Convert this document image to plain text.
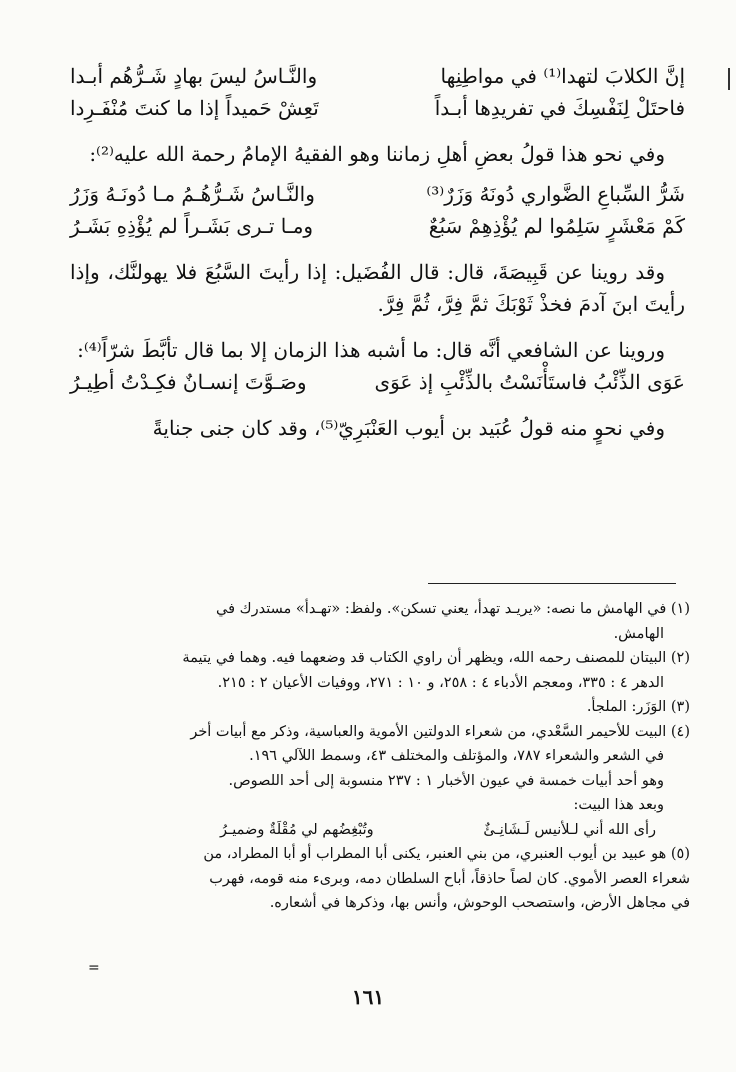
إنَّ الكلابَ لتهدا⁽¹⁾ في مواطِنِها
والنَّـاسُ ليسَ بهادٍ شَـرُّهُم أبـدا
فاحتَلْ لِنَفْسِكَ في تفريدِها أبـداً
تَعِشْ حَميداً إذا ما كنتَ مُنْفَـرِدا

وفي نحو هذا قولُ بعضِ أهلِ زماننا وهو الفقيهُ الإمامُ رحمة الله عليه⁽²⁾:

شَرُّ السِّباعِ الضَّواري دُونَهُ وَزَرٌ⁽³⁾
والنَّـاسُ شَـرُّهُـمُ مـا دُونَـهُ وَزَرُ
كَمْ مَعْشَرٍ سَلِمُوا لم يُؤْذِهِمْ سَبُعٌ
ومـا تـرى بَشَـراً لم يُؤْذِهِ بَشَـرُ

وقد روينا عن قَبِيصَةَ، قال: قال الفُضَيل: إذا رأيتَ السَّبُعَ فلا يهولنَّك، وإذا رأيتَ ابنَ آدمَ فخذْ ثَوْبَكَ ثمَّ فِرَّ، ثُمَّ فِرَّ.

وروينا عن الشافعي أنَّه قال: ما أشبه هذا الزمان إلا بما قال تأبَّطَ شرّاً⁽⁴⁾:

عَوَى الذِّئْبُ فاستَأْنَسْتُ بالذِّئْبِ إذ عَوَى
وصَـوَّتَ إنسـانٌ فكِـدْتُ أطِيـرُ

وفي نحوٍ منه قولُ عُبَيد بن أيوب العَنْبَرِيّ⁽⁵⁾، وقد كان جنى جنايةً

(١) في الهامش ما نصه: «يريـد تهدأ، يعني تسكن». ولفظ: «تهـدأ» مستدرك في

الهامش.

(٢) البيتان للمصنف رحمه الله، ويظهر أن راوي الكتاب قد وضعهما فيه. وهما في يتيمة

الدهر ٤ : ٣٣٥، ومعجم الأدباء ٤ : ٢٥٨، و ١٠ : ٢٧١، ووفيات الأعيان ٢ : ٢١٥.

(٣) الوَزَر: الملجأ.

(٤) البيت للأحيمر السَّعْدي، من شعراء الدولتين الأموية والعباسية، وذكر مع أبيات أخر

في الشعر والشعراء ٧٨٧، والمؤتلف والمختلف ٤٣، وسمط اللآلي ١٩٦.

وهو أحد أبيات خمسة في عيون الأخبار ١ : ٢٣٧ منسوبة إلى أحد اللصوص.

وبعد هذا البيت:

رأى الله أني لـلأنيس لَـشَانِـئٌ
وتُبْغِضُهم لي مُقْلَةٌ وضميـرُ

(٥) هو عبيد بن أيوب العنبري، من بني العنبر، يكنى أبا المطراب أو أبا المطراد، من

شعراء العصر الأموي. كان لصاً حاذقاً، أباح السلطان دمه، وبرىء منه قومه، فهرب

في مجاهل الأرض، واستصحب الوحوش، وأنس بها، وذكرها في أشعاره.

=
١٦١
